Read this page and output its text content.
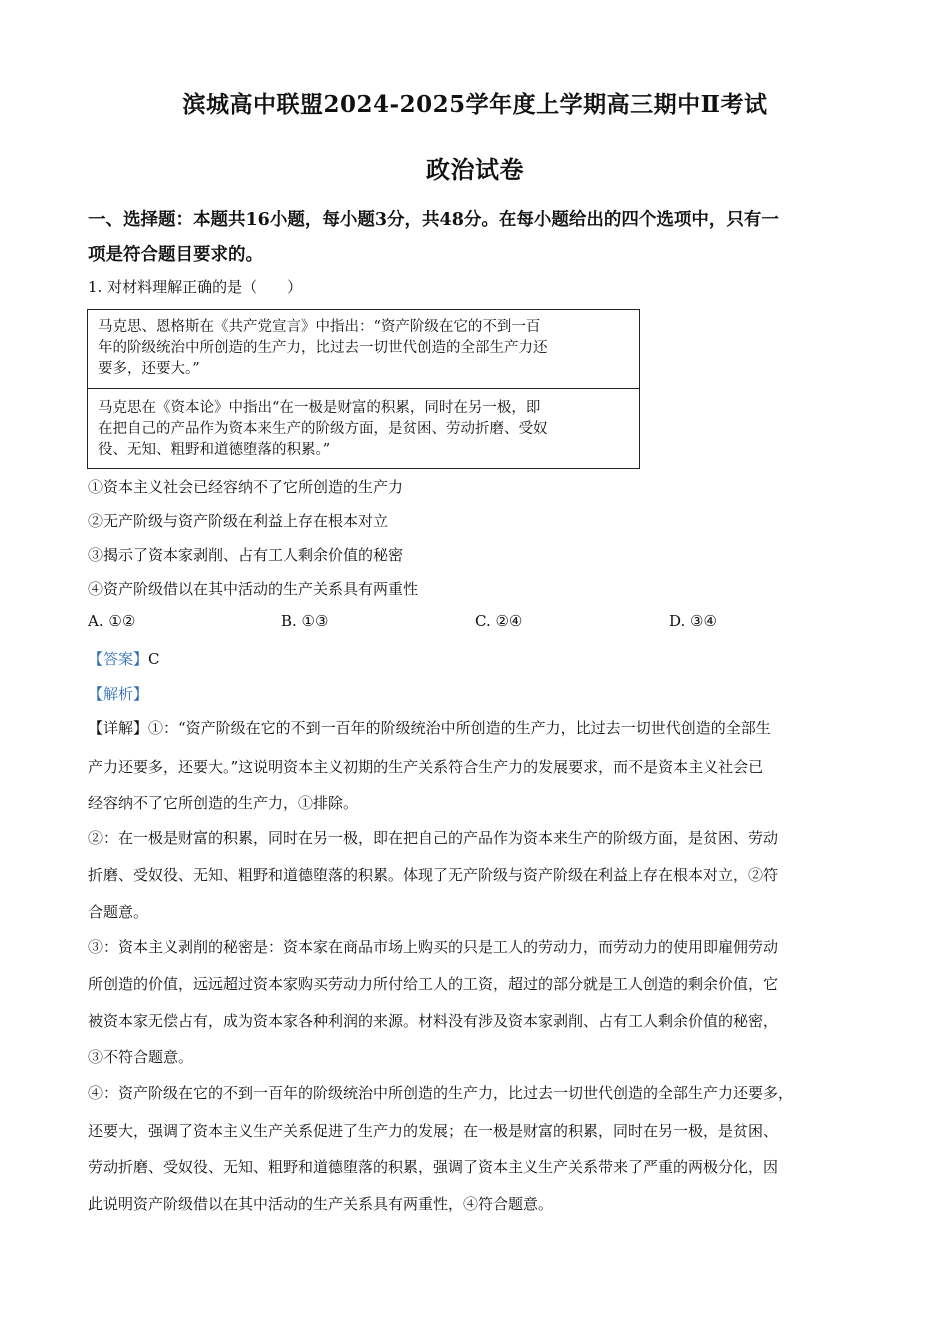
滨城高中联盟2024-2025学年度上学期高三期中Ⅱ考试
政治试卷
一、选择题：本题共16小题，每小题3分，共48分。在每小题给出的四个选项中，只有一
项是符合题目要求的。
1. 对材料理解正确的是（　　）
马克思、恩格斯在《共产党宣言》中指出：“资产阶级在它的不到一百
年的阶级统治中所创造的生产力，比过去一切世代创造的全部生产力还
要多，还要大。”
马克思在《资本论》中指出“在一极是财富的积累，同时在另一极，即
在把自己的产品作为资本来生产的阶级方面，是贫困、劳动折磨、受奴
役、无知、粗野和道德堕落的积累。”
①资本主义社会已经容纳不了它所创造的生产力
②无产阶级与资产阶级在利益上存在根本对立
③揭示了资本家剥削、占有工人剩余价值的秘密
④资产阶级借以在其中活动的生产关系具有两重性
A. ①②	B. ①③	C. ②④	D. ③④
【答案】C
【解析】
【详解】①：“资产阶级在它的不到一百年的阶级统治中所创造的生产力，比过去一切世代创造的全部生
产力还要多，还要大。”这说明资本主义初期的生产关系符合生产力的发展要求，而不是资本主义社会已
经容纳不了它所创造的生产力，①排除。
②：在一极是财富的积累，同时在另一极，即在把自己的产品作为资本来生产的阶级方面，是贫困、劳动
折磨、受奴役、无知、粗野和道德堕落的积累。体现了无产阶级与资产阶级在利益上存在根本对立，②符
合题意。
③：资本主义剥削的秘密是：资本家在商品市场上购买的只是工人的劳动力，而劳动力的使用即雇佣劳动
所创造的价值，远远超过资本家购买劳动力所付给工人的工资，超过的部分就是工人创造的剩余价值，它
被资本家无偿占有，成为资本家各种利润的来源。材料没有涉及资本家剥削、占有工人剩余价值的秘密，
③不符合题意。
④：资产阶级在它的不到一百年的阶级统治中所创造的生产力，比过去一切世代创造的全部生产力还要多，
还要大，强调了资本主义生产关系促进了生产力的发展；在一极是财富的积累，同时在另一极，是贫困、
劳动折磨、受奴役、无知、粗野和道德堕落的积累，强调了资本主义生产关系带来了严重的两极分化，因
此说明资产阶级借以在其中活动的生产关系具有两重性，④符合题意。
